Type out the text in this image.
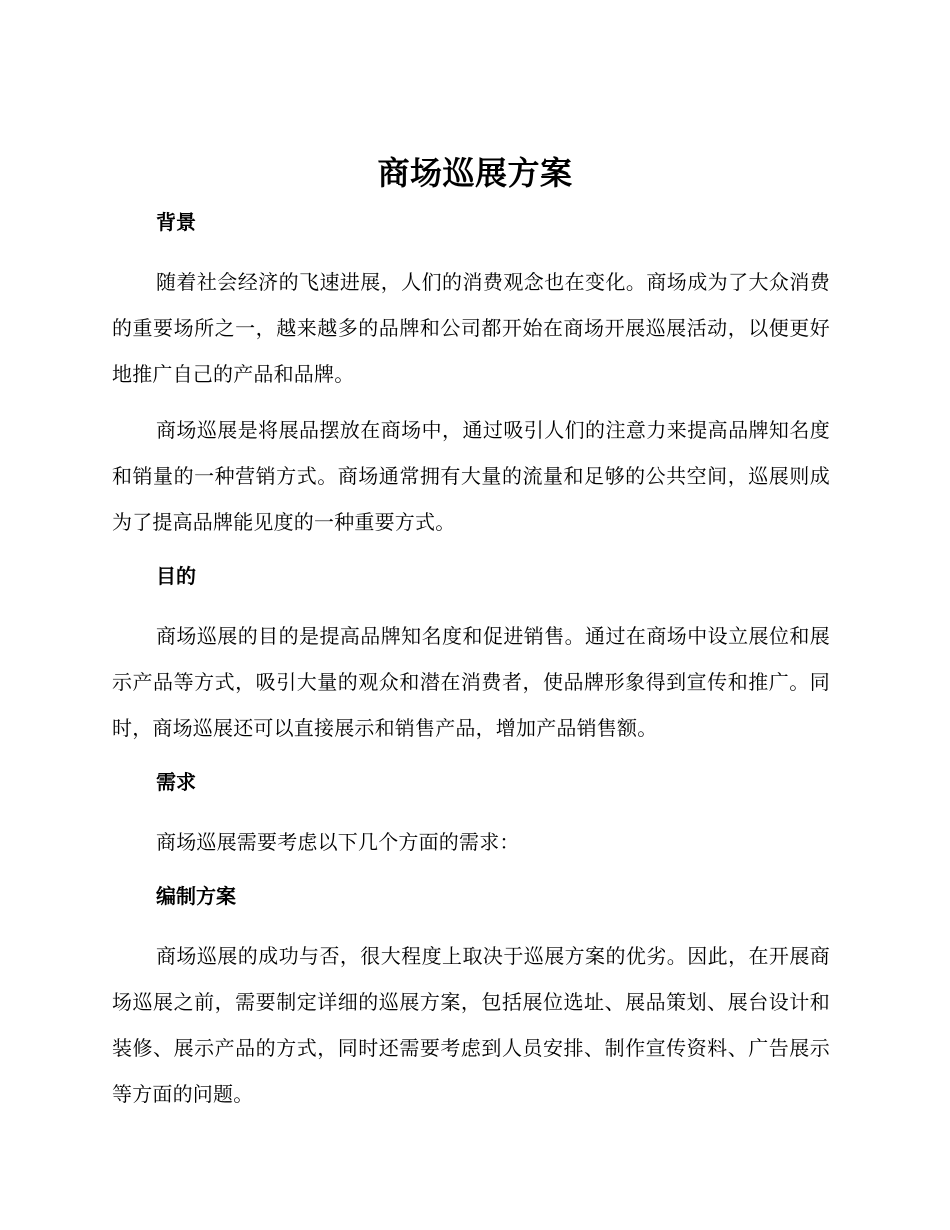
商场巡展方案
背景

随着社会经济的飞速进展，人们的消费观念也在变化。商场成为了大众消费的重要场所之一，越来越多的品牌和公司都开始在商场开展巡展活动，以便更好地推广自己的产品和品牌。

商场巡展是将展品摆放在商场中，通过吸引人们的注意力来提高品牌知名度和销量的一种营销方式。商场通常拥有大量的流量和足够的公共空间，巡展则成为了提高品牌能见度的一种重要方式。

目的

商场巡展的目的是提高品牌知名度和促进销售。通过在商场中设立展位和展示产品等方式，吸引大量的观众和潜在消费者，使品牌形象得到宣传和推广。同时，商场巡展还可以直接展示和销售产品，增加产品销售额。

需求

商场巡展需要考虑以下几个方面的需求：

编制方案

商场巡展的成功与否，很大程度上取决于巡展方案的优劣。因此，在开展商场巡展之前，需要制定详细的巡展方案，包括展位选址、展品策划、展台设计和装修、展示产品的方式，同时还需要考虑到人员安排、制作宣传资料、广告展示等方面的问题。
